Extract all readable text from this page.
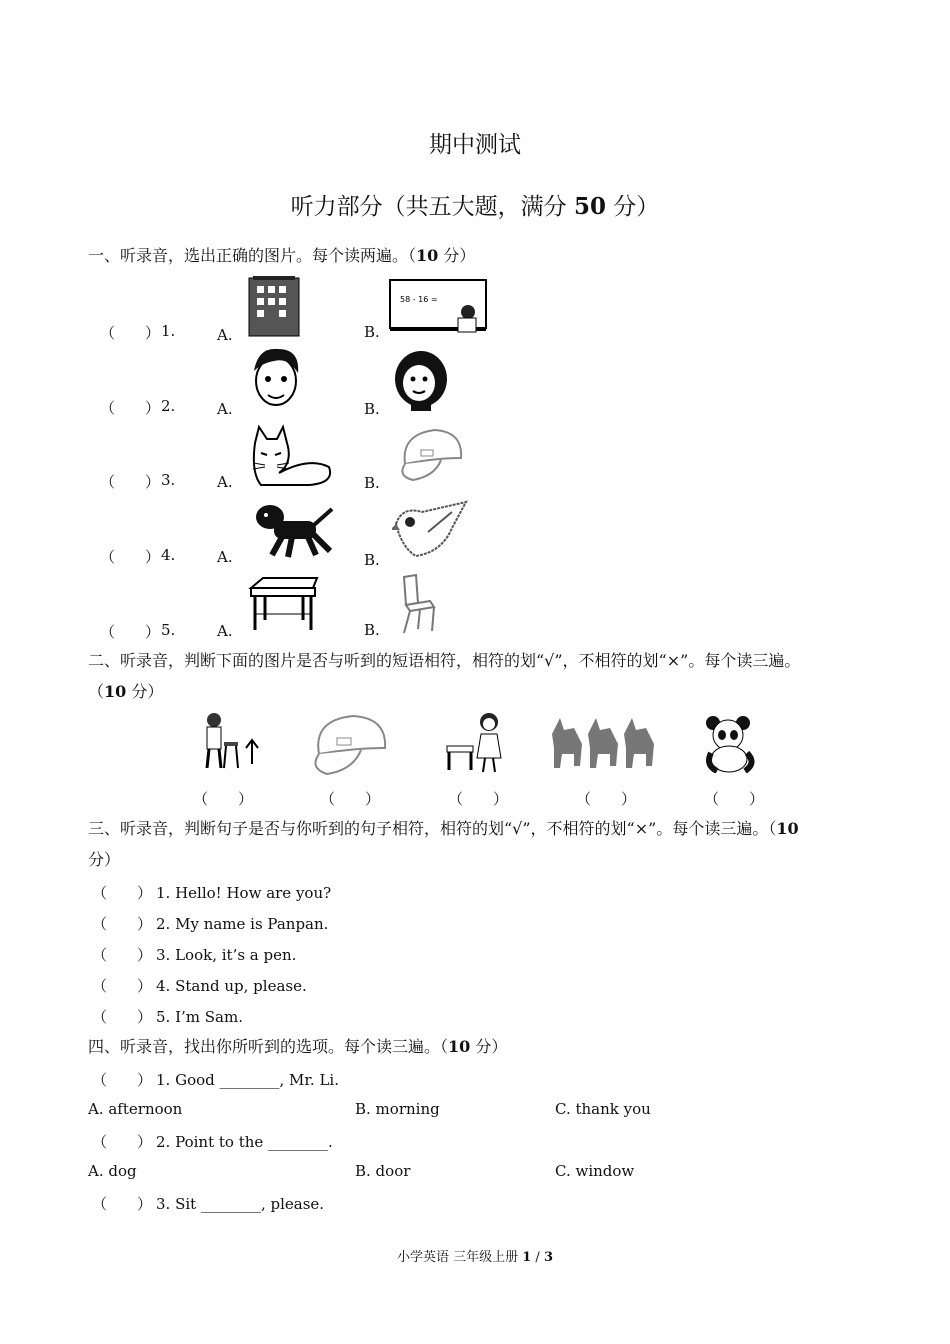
期中测试
听力部分（共五大题，满分 50 分）
一、听录音，选出正确的图片。每个读两遍。（10 分）
（　　） 1.	A.	B.
58 - 16 =
（　　） 2.	A.	B.
（　　） 3.	A.	B.
（　　） 4.	A.	B.
（　　） 5.	A.	B.
二、听录音，判断下面的图片是否与听到的短语相符，相符的划“√”，不相符的划“×”。每个读三遍。
（10 分）
（　　）	（　　）	（　　）	（　　）	（　　）
三、听录音，判断句子是否与你听到的句子相符，相符的划“√”，不相符的划“×”。每个读三遍。（10
分）
（　　） 1. Hello! How are you?
（　　） 2. My name is Panpan.
（　　） 3. Look, it’s a pen.
（　　） 4. Stand up, please.
（　　） 5. I’m Sam.
四、听录音，找出你所听到的选项。每个读三遍。（10 分）
（　　） 1. Good ________, Mr. Li.
A. afternoon	B. morning	C. thank you
（　　） 2. Point to the ________.
A. dog	B. door	C. window
（　　） 3. Sit ________, please.
小学英语 三年级上册 1 / 3
